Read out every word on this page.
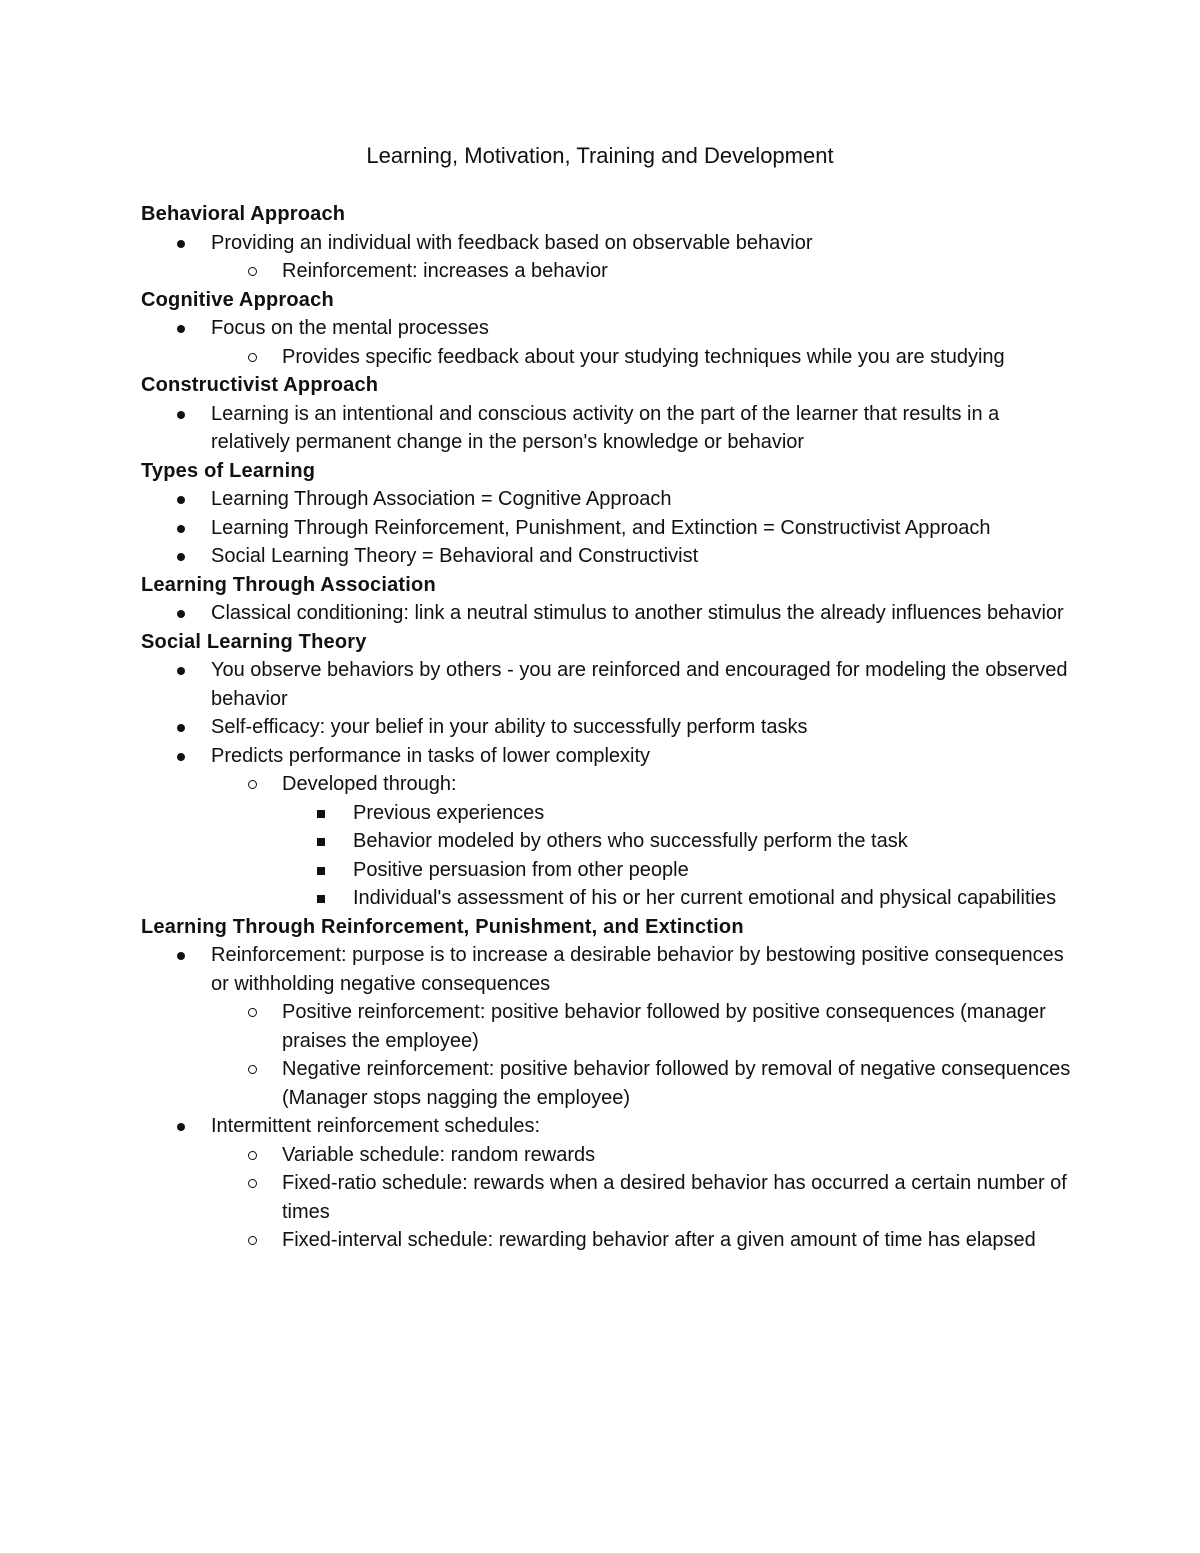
Learning, Motivation, Training and Development
Behavioral Approach
Providing an individual with feedback based on observable behavior
Reinforcement: increases a behavior
Cognitive Approach
Focus on the mental processes
Provides specific feedback about your studying techniques while you are studying
Constructivist Approach
Learning is an intentional and conscious activity on the part of the learner that results in a relatively permanent change in the person's knowledge or behavior
Types of Learning
Learning Through Association = Cognitive Approach
Learning Through Reinforcement, Punishment, and Extinction = Constructivist Approach
Social Learning Theory = Behavioral and Constructivist
Learning Through Association
Classical conditioning: link a neutral stimulus to another stimulus the already influences behavior
Social Learning Theory
You observe behaviors by others - you are reinforced and encouraged for modeling the observed behavior
Self-efficacy: your belief in your ability to successfully perform tasks
Predicts performance in tasks of lower complexity
Developed through:
Previous experiences
Behavior modeled by others who successfully perform the task
Positive persuasion from other people
Individual's assessment of his or her current emotional and physical capabilities
Learning Through Reinforcement, Punishment, and Extinction
Reinforcement: purpose is to increase a desirable behavior by bestowing positive consequences or withholding negative consequences
Positive reinforcement: positive behavior followed by positive consequences (manager praises the employee)
Negative reinforcement: positive behavior followed by removal of negative consequences (Manager stops nagging the employee)
Intermittent reinforcement schedules:
Variable schedule: random rewards
Fixed-ratio schedule: rewards when a desired behavior has occurred a certain number of times
Fixed-interval schedule: rewarding behavior after a given amount of time has elapsed
